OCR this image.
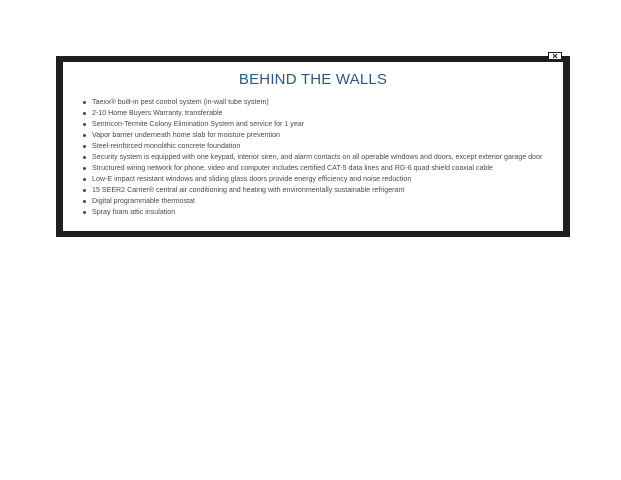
BEHIND THE WALLS
Taexx® built-in pest control system (in-wall tube system)
2-10 Home Buyers Warranty, transferable
Sentricon-Termite Colony Elimination System and service for 1 year
Vapor barrier underneath home slab for moisture prevention
Steel-reinforced monolithic concrete foundation
Security system is equipped with one keypad, interior siren, and alarm contacts on all operable windows and doors, except exterior garage door
Structured wiring network for phone, video and computer includes certified CAT-5 data lines and RG-6 quad shield coaxial cable
Low-E impact resistant windows and sliding glass doors provide energy efficiency and noise reduction
15 SEER2 Carrier® central air conditioning and heating with environmentally sustainable refrigerant
Digital programmable thermostat
Spray foam attic insulation
